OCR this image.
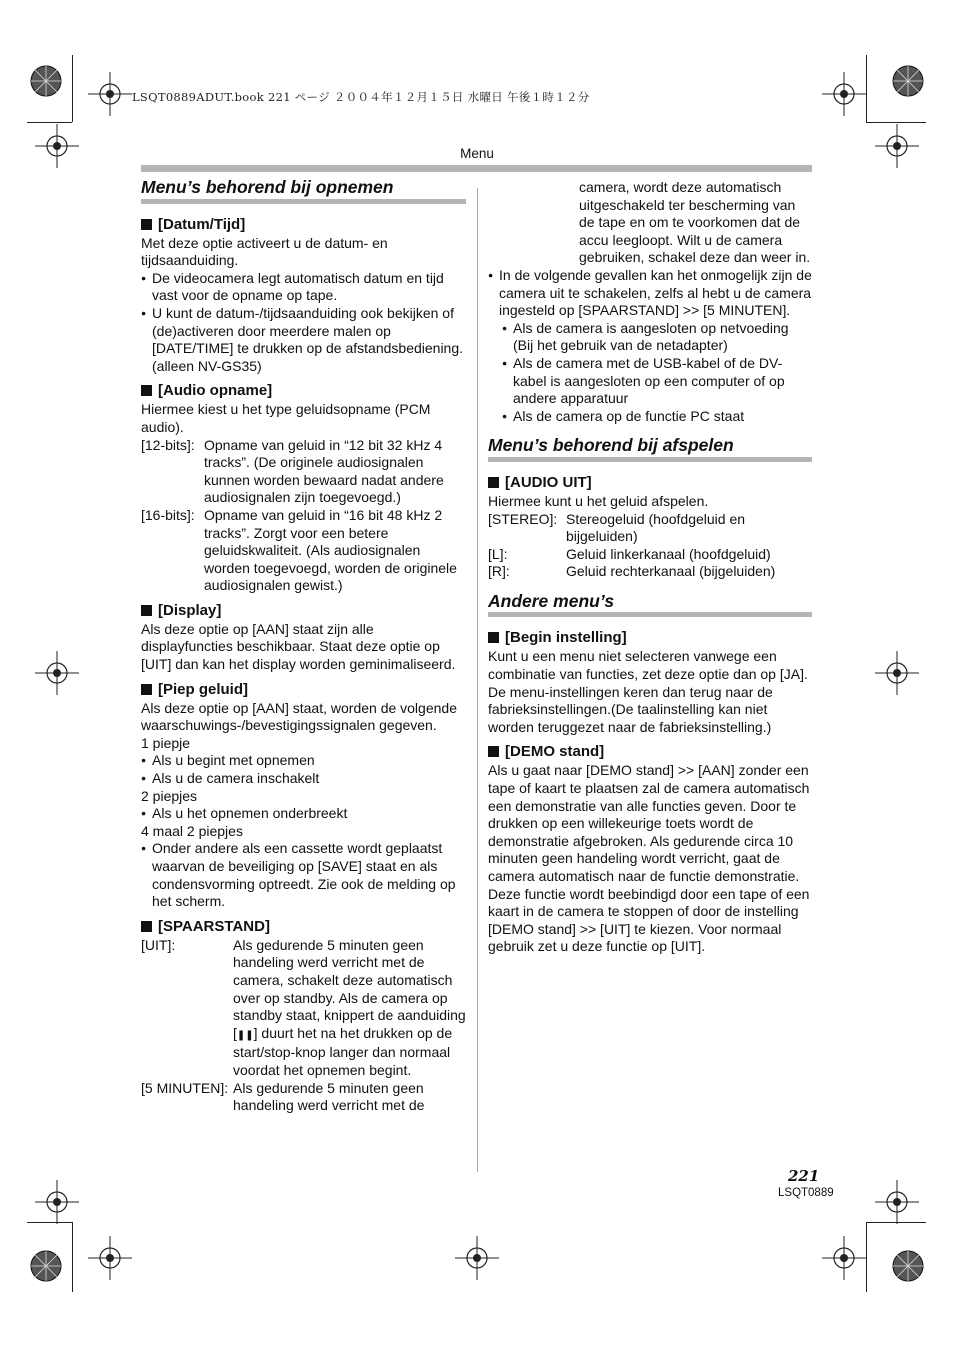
LSQT0889ADUT.book 221 ページ ２００４年１２月１５日 水曜日 午後１時１２分
Menu

Menu’s behorend bij opnemen

[Datum/Tijd]

Met deze optie activeert u de datum- en tijdsaanduiding.

● De videocamera legt automatisch datum en tijd vast voor de opname op tape.

● U kunt de datum-/tijdsaanduiding ook bekijken of (de)activeren door meerdere malen op [DATE/TIME] te drukken op de afstandsbediening. (alleen NV-GS35)

[Audio opname]

Hiermee kiest u het type geluidsopname (PCM audio).

[12-bits]: Opname van geluid in “12 bit 32 kHz 4 tracks”. (De originele audiosignalen kunnen worden bewaard nadat andere audiosignalen zijn toegevoegd.)
[16-bits]: Opname van geluid in “16 bit 48 kHz 2 tracks”. Zorgt voor een betere geluidskwaliteit. (Als audiosignalen worden toegevoegd, worden de originele audiosignalen gewist.)
[Display]

Als deze optie op [AAN] staat zijn alle displayfuncties beschikbaar. Staat deze optie op [UIT] dan kan het display worden geminimaliseerd.

[Piep geluid]

Als deze optie op [AAN] staat, worden de volgende waarschuwings-/bevestigingssignalen gegeven.

1 piepje

● Als u begint met opnemen

● Als u de camera inschakelt

2 piepjes

● Als u het opnemen onderbreekt

4 maal 2 piepjes

● Onder andere als een cassette wordt geplaatst waarvan de beveiliging op [SAVE] staat en als condensvorming optreedt. Zie ook de melding op het scherm.

[SPAARSTAND]
[UIT]:	Als gedurende 5 minuten geen handeling werd verricht met de camera, schakelt deze automatisch over op standby. Als de camera op standby staat, knippert de aanduiding [❚❚] duurt het na het drukken op de start/stop-knop langer dan normaal voordat het opnemen begint.
[5 MINUTEN]: Als gedurende 5 minuten geen handeling werd verricht met de

camera, wordt deze automatisch uitgeschakeld ter bescherming van de tape en om te voorkomen dat de accu leegloopt. Wilt u de camera gebruiken, schakel deze dan weer in.

● In de volgende gevallen kan het onmogelijk zijn de camera uit te schakelen, zelfs al hebt u de camera ingesteld op [SPAARSTAND] >> [5 MINUTEN].

● Als de camera is aangesloten op netvoeding (Bij het gebruik van de netadapter)

● Als de camera met de USB-kabel of de DV-kabel is aangesloten op een computer of op andere apparatuur

● Als de camera op de functie PC staat

Menu’s behorend bij afspelen

[AUDIO UIT]

Hiermee kunt u het geluid afspelen.

[STEREO]: Stereogeluid (hoofdgeluid en bijgeluiden)
[L]:	Geluid linkerkanaal (hoofdgeluid)
[R]:	Geluid rechterkanaal (bijgeluiden)

Andere menu’s

[Begin instelling]

Kunt u een menu niet selecteren vanwege een combinatie van functies, zet deze optie dan op [JA]. De menu-instellingen keren dan terug naar de fabrieksinstellingen.(De taalinstelling kan niet worden teruggezet naar de fabrieksinstelling.)

[DEMO stand]

Als u gaat naar [DEMO stand] >> [AAN] zonder een tape of kaart te plaatsen zal de camera automatisch een demonstratie van alle functies geven. Door te drukken op een willekeurige toets wordt de demonstratie afgebroken. Als gedurende circa 10 minuten geen handeling wordt verricht, gaat de camera automatisch naar de functie demonstratie. Deze functie wordt beebindigd door een tape of een kaart in de camera te stoppen of door de instelling [DEMO stand] >> [UIT] te kiezen. Voor normaal gebruik zet u deze functie op [UIT].

221
LSQT0889
